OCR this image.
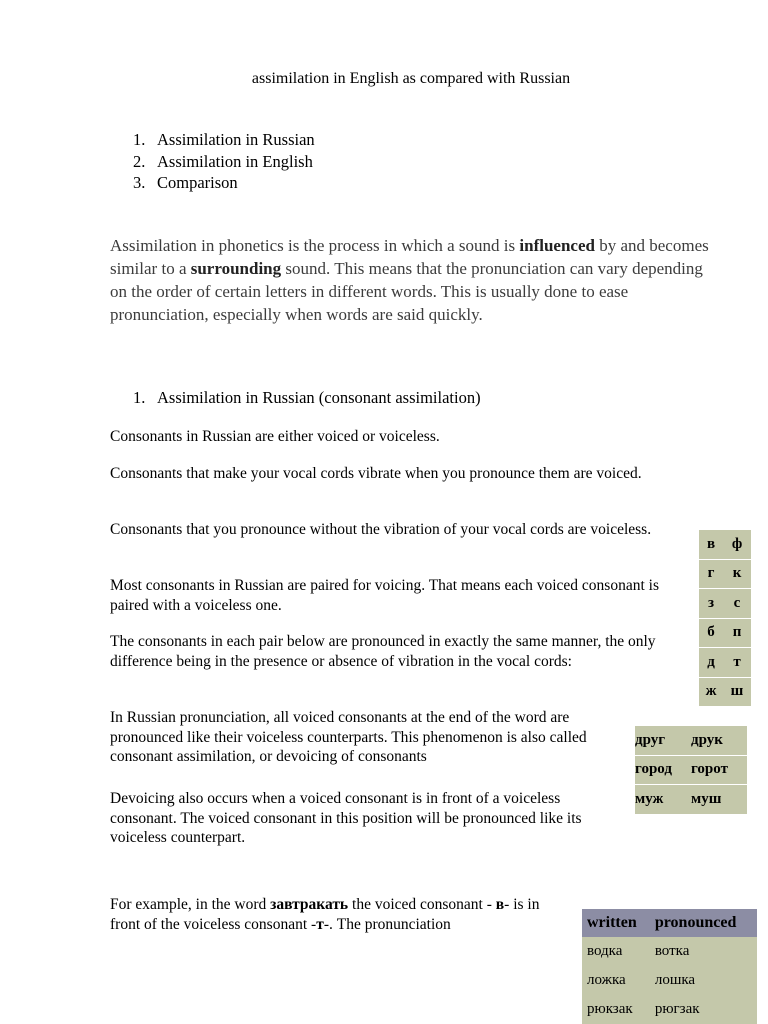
assimilation in English as compared with Russian
1. Assimilation in Russian
2. Assimilation in English
3. Comparison

Assimilation in phonetics is the process in which a sound is influenced by and becomes similar to a surrounding sound. This means that the pronunciation can vary depending on the order of certain letters in different words. This is usually done to ease pronunciation, especially when words are said quickly.

1. Assimilation in Russian (consonant assimilation)

Consonants in Russian are either voiced or voiceless.

Consonants that make your vocal cords vibrate when you pronounce them are voiced.

Consonants that you pronounce without the vibration of your vocal cords are voiceless.

Most consonants in Russian are paired for voicing. That means each voiced consonant is paired with a voiceless one.

The consonants in each pair below are pronounced in exactly the same manner, the only difference being in the presence or absence of vibration in the vocal cords:

In Russian pronunciation, all voiced consonants at the end of the word are pronounced like their voiceless counterparts. This phenomenon is also called consonant assimilation, or devoicing of consonants

Devoicing also occurs when a voiced consonant is in front of a voiceless consonant. The voiced consonant in this position will be pronounced like its voiceless counterpart.

For example, in the word завтракать the voiced consonant - в- is in front of the voiceless consonant -т-. The pronunciation

в	ф
г	к
з	с
б	п
д	т
ж	ш
друг	друк
город	горот
муж	муш
written	pronounced
водка	вотка
ложка	лошка
рюкзак	рюгзак
